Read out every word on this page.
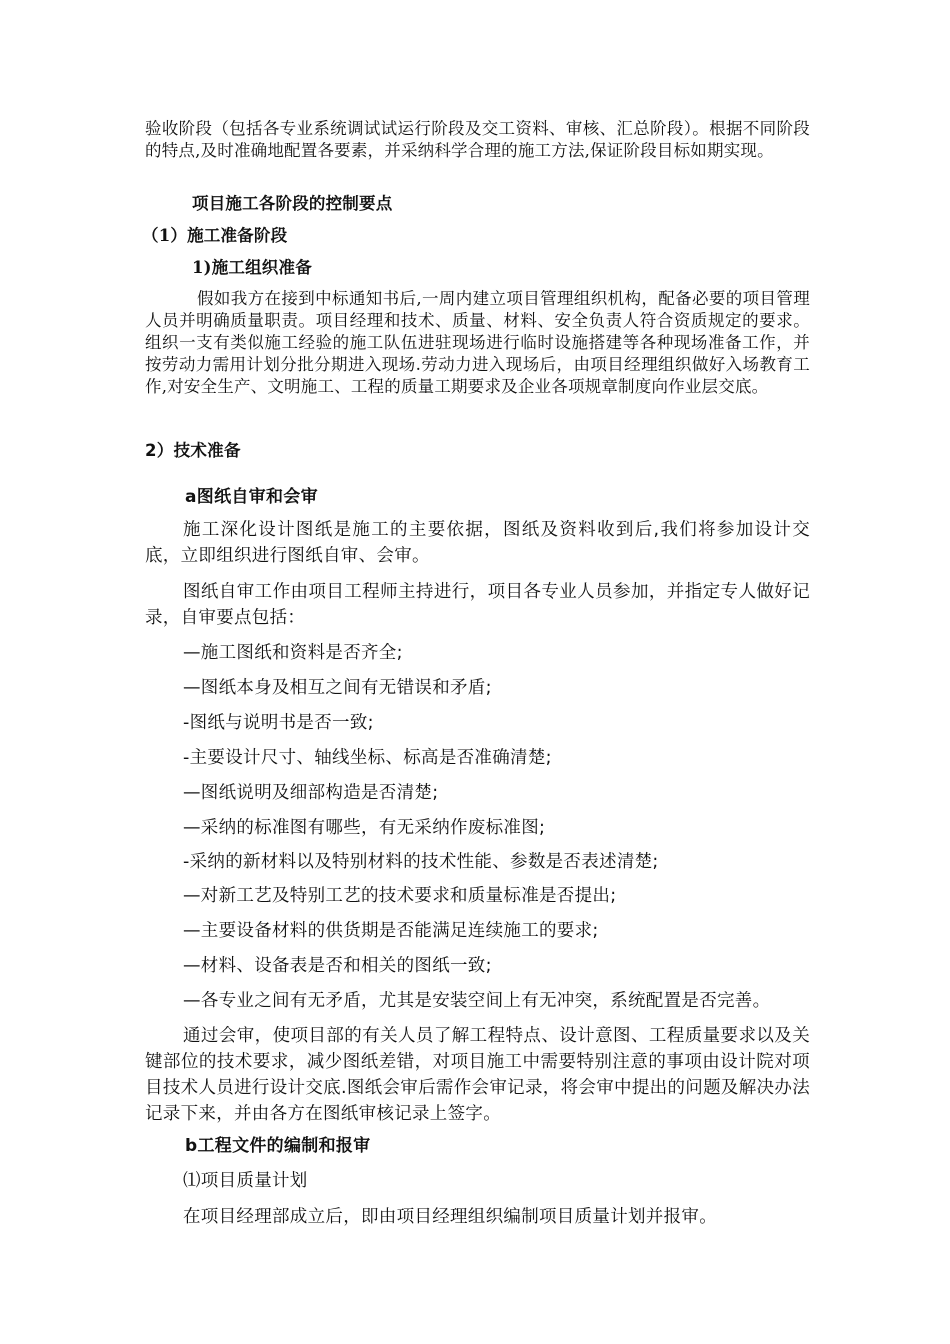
验收阶段（包括各专业系统调试试运行阶段及交工资料、审核、汇总阶段）。根据不同阶段的特点,及时准确地配置各要素，并采纳科学合理的施工方法,保证阶段目标如期实现。

项目施工各阶段的控制要点

（1）施工准备阶段

1)施工组织准备

假如我方在接到中标通知书后,一周内建立项目管理组织机构，配备必要的项目管理人员并明确质量职责。项目经理和技术、质量、材料、安全负责人符合资质规定的要求。组织一支有类似施工经验的施工队伍进驻现场进行临时设施搭建等各种现场准备工作，并按劳动力需用计划分批分期进入现场.劳动力进入现场后，由项目经理组织做好入场教育工作,对安全生产、文明施工、工程的质量工期要求及企业各项规章制度向作业层交底。

2）技术准备

a图纸自审和会审

施工深化设计图纸是施工的主要依据，图纸及资料收到后,我们将参加设计交底，立即组织进行图纸自审、会审。

图纸自审工作由项目工程师主持进行，项目各专业人员参加，并指定专人做好记录，自审要点包括：

—施工图纸和资料是否齐全;

—图纸本身及相互之间有无错误和矛盾;

-图纸与说明书是否一致;

-主要设计尺寸、轴线坐标、标高是否准确清楚;

—图纸说明及细部构造是否清楚;

—采纳的标准图有哪些，有无采纳作废标准图;

-采纳的新材料以及特别材料的技术性能、参数是否表述清楚;

—对新工艺及特别工艺的技术要求和质量标准是否提出;

—主要设备材料的供货期是否能满足连续施工的要求;

—材料、设备表是否和相关的图纸一致;

—各专业之间有无矛盾，尤其是安装空间上有无冲突，系统配置是否完善。

通过会审，使项目部的有关人员了解工程特点、设计意图、工程质量要求以及关键部位的技术要求，减少图纸差错，对项目施工中需要特别注意的事项由设计院对项目技术人员进行设计交底.图纸会审后需作会审记录，将会审中提出的问题及解决办法记录下来，并由各方在图纸审核记录上签字。

b工程文件的编制和报审

⑴项目质量计划

在项目经理部成立后，即由项目经理组织编制项目质量计划并报审。
